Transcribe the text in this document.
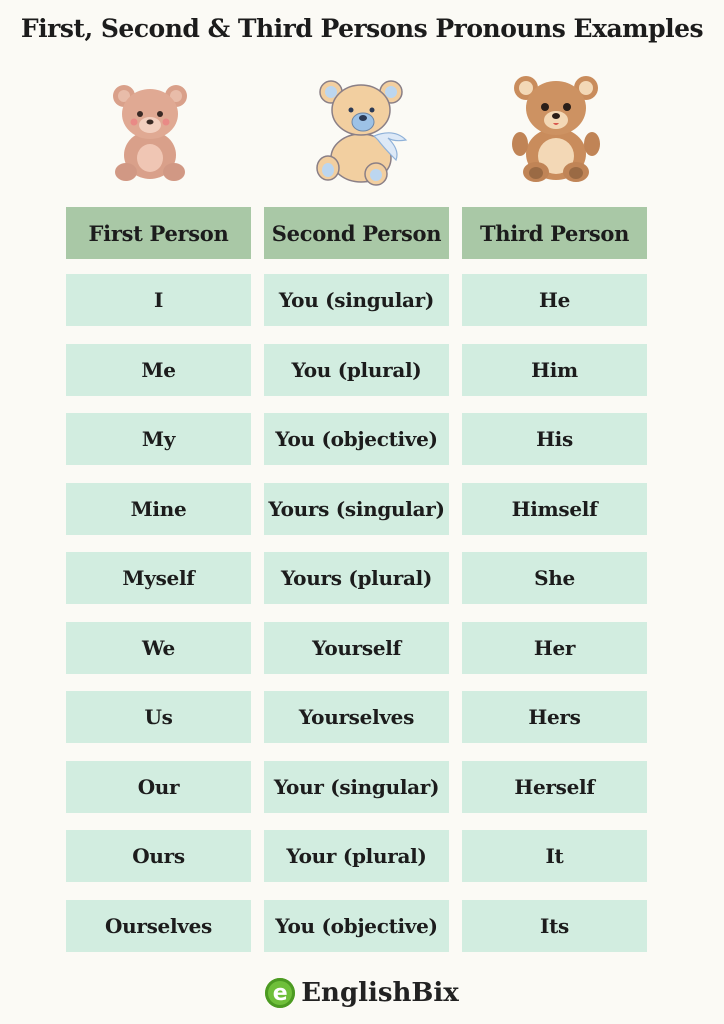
First, Second & Third Persons Pronouns Examples
First Person
I
Me
My
Mine
Myself
We
Us
Our
Ours
Ourselves
Second Person
You (singular)
You (plural)
You (objective)
Yours (singular)
Yours (plural)
Yourself
Yourselves
Your (singular)
Your (plural)
You (objective)
Third Person
He
Him
His
Himself
She
Her
Hers
Herself
It
Its
e EnglishBix
